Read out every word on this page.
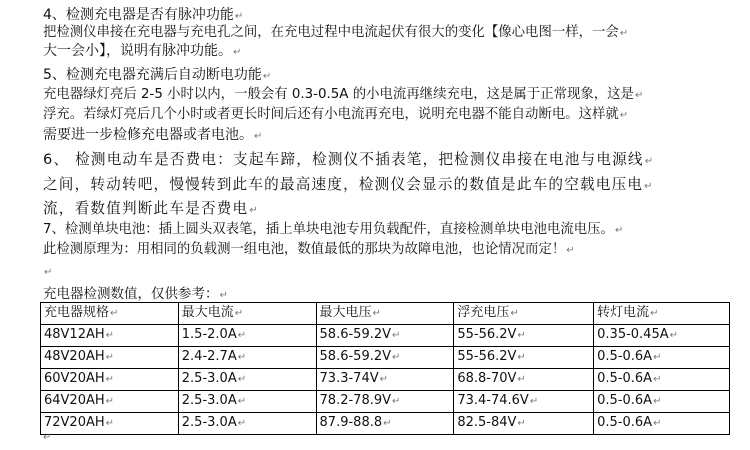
4、检测充电器是否有脉冲功能↵
把检测仪串接在充电器与充电孔之间，在充电过程中电流起伏有很大的变化【像心电图一样，一会↵
大一会小】，说明有脉冲功能。↵
5、检测充电器充满后自动断电功能↵
充电器绿灯亮后 2-5 小时以内，一般会有 0.3-0.5A 的小电流再继续充电，这是属于正常现象，这是↵
浮充。若绿灯亮后几个小时或者更长时间后还有小电流再充电，说明充电器不能自动断电。这样就↵
需要进一步检修充电器或者电池。↵
6、 检测电动车是否费电：支起车蹄，检测仪不插表笔，把检测仪串接在电池与电源线↵
之间，转动转吧，慢慢转到此车的最高速度，检测仪会显示的数值是此车的空载电压电↵
流，看数值判断此车是否费电↵
7、检测单块电池：插上圆头双表笔，插上单块电池专用负载配件，直接检测单块电池电流电压。↵
此检测原理为：用相同的负载测一组电池，数值最低的那块为故障电池，也论情况而定！↵
↵
充电器检测数值，仅供参考：↵
充电器规格↵	最大电流↵	最大电压↵	浮充电压↵	转灯电流↵
48V12AH↵	1.5-2.0A↵	58.6-59.2V↵	55-56.2V↵	0.35-0.45A↵
48V20AH↵	2.4-2.7A↵	58.6-59.2V↵	55-56.2V↵	0.5-0.6A↵
60V20AH↵	2.5-3.0A↵	73.3-74V↵	68.8-70V↵	0.5-0.6A↵
64V20AH↵	2.5-3.0A↵	78.2-78.9V↵	73.4-74.6V↵	0.5-0.6A↵
72V20AH↵	2.5-3.0A↵	87.9-88.8↵	82.5-84V↵	0.5-0.6A↵
↵
